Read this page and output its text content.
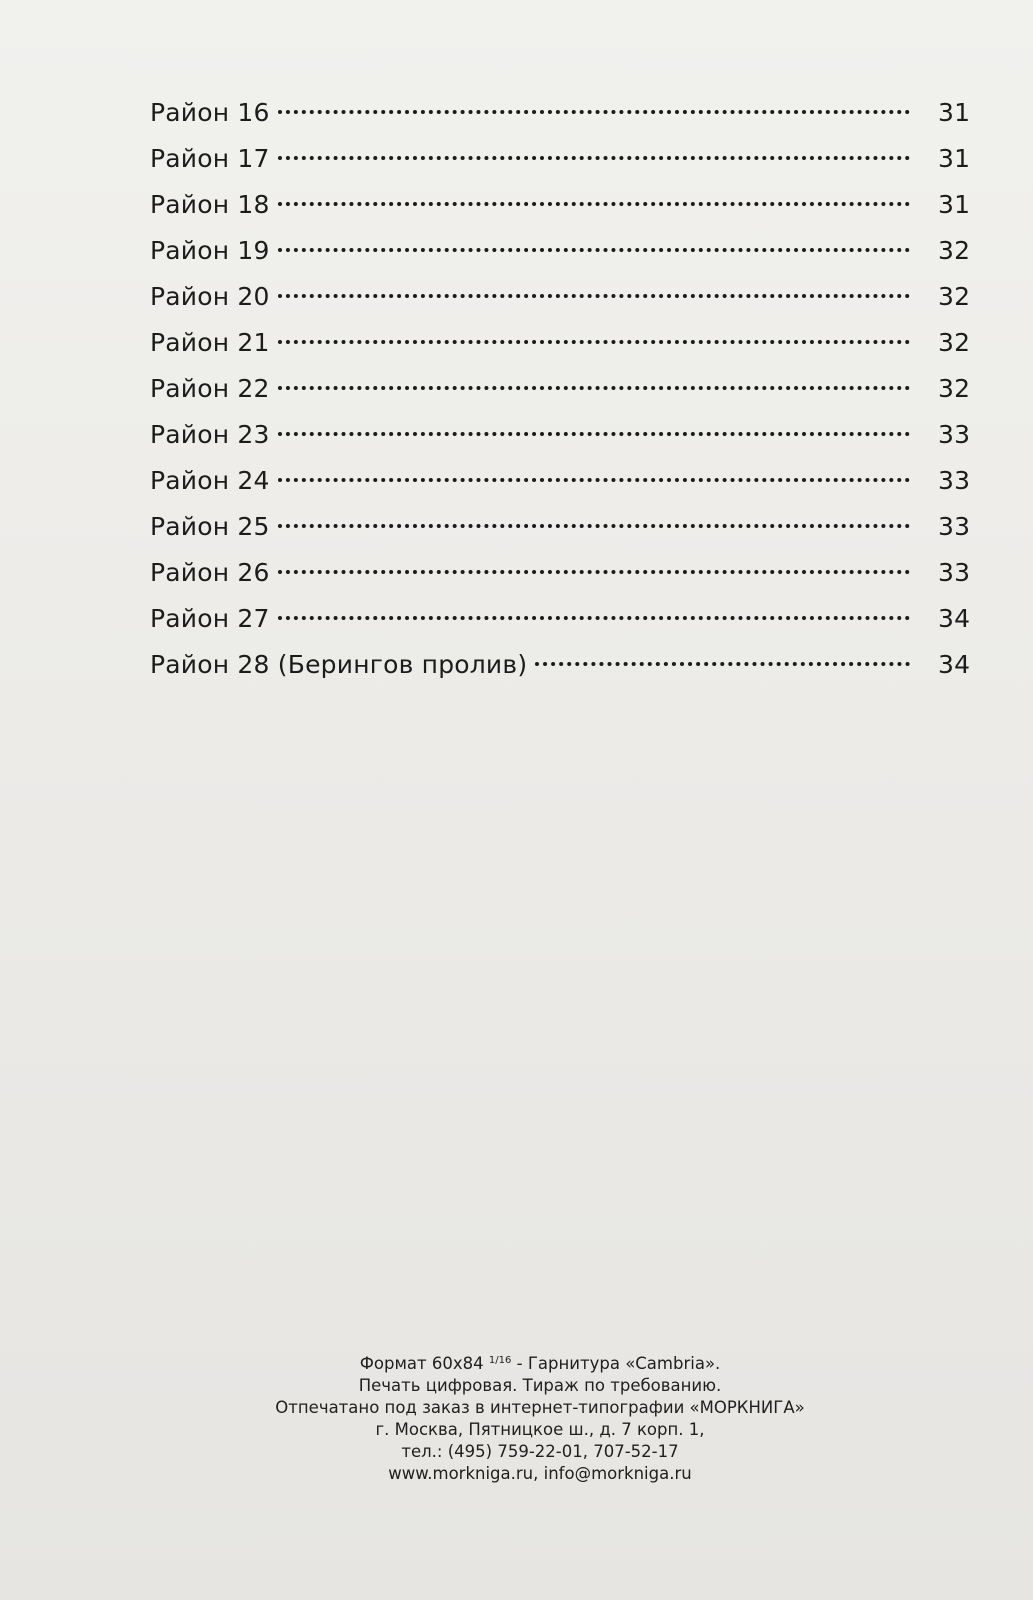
Район 16	31
Район 17	31
Район 18	31
Район 19	32
Район 20	32
Район 21	32
Район 22	32
Район 23	33
Район 24	33
Район 25	33
Район 26	33
Район 27	34
Район 28 (Берингов пролив)	34
Формат 60x84 $^{1/16}$ - Гарнитура «Cambria».
Печать цифровая. Тираж по требованию.
Отпечатано под заказ в интернет-типографии «МОРКНИГА»
г. Москва, Пятницкое ш., д. 7 корп. 1,
тел.: (495) 759-22-01, 707-52-17
www.morkniga.ru, info@morkniga.ru
